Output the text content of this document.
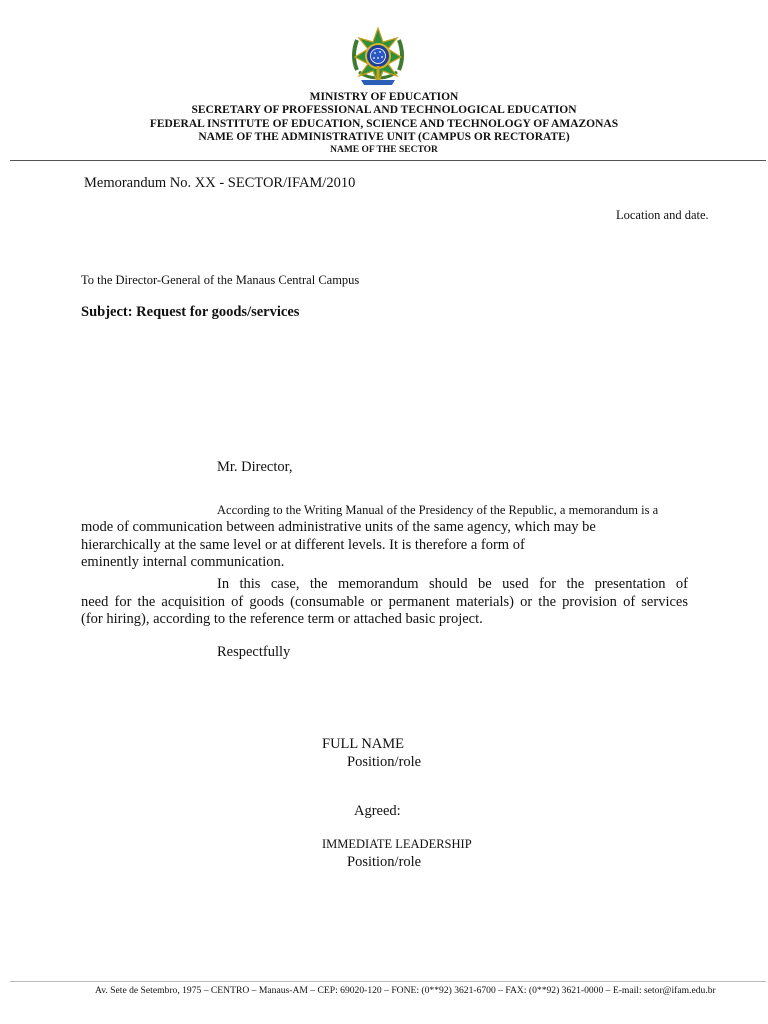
MINISTRY OF EDUCATION
SECRETARY OF PROFESSIONAL AND TECHNOLOGICAL EDUCATION
FEDERAL INSTITUTE OF EDUCATION, SCIENCE AND TECHNOLOGY OF AMAZONAS
NAME OF THE ADMINISTRATIVE UNIT (CAMPUS OR RECTORATE)
NAME OF THE SECTOR
Memorandum No. XX - SECTOR/IFAM/2010
Location and date.
To the Director-General of the Manaus Central Campus
Subject: Request for goods/services
Mr. Director,
According to the Writing Manual of the Presidency of the Republic, a memorandum is a
mode of communication between administrative units of the same agency, which may be
hierarchically at the same level or at different levels. It is therefore a form of
eminently internal communication.
In this case, the memorandum should be used for the presentation of
need for the acquisition of goods (consumable or permanent materials) or the provision of services
(for hiring), according to the reference term or attached basic project.
Respectfully
FULL NAME
Position/role
Agreed:
IMMEDIATE LEADERSHIP
Position/role
Av. Sete de Setembro, 1975 – CENTRO – Manaus-AM – CEP: 69020-120 – FONE: (0**92) 3621-6700 – FAX: (0**92) 3621-0000 – E-mail: setor@ifam.edu.br
